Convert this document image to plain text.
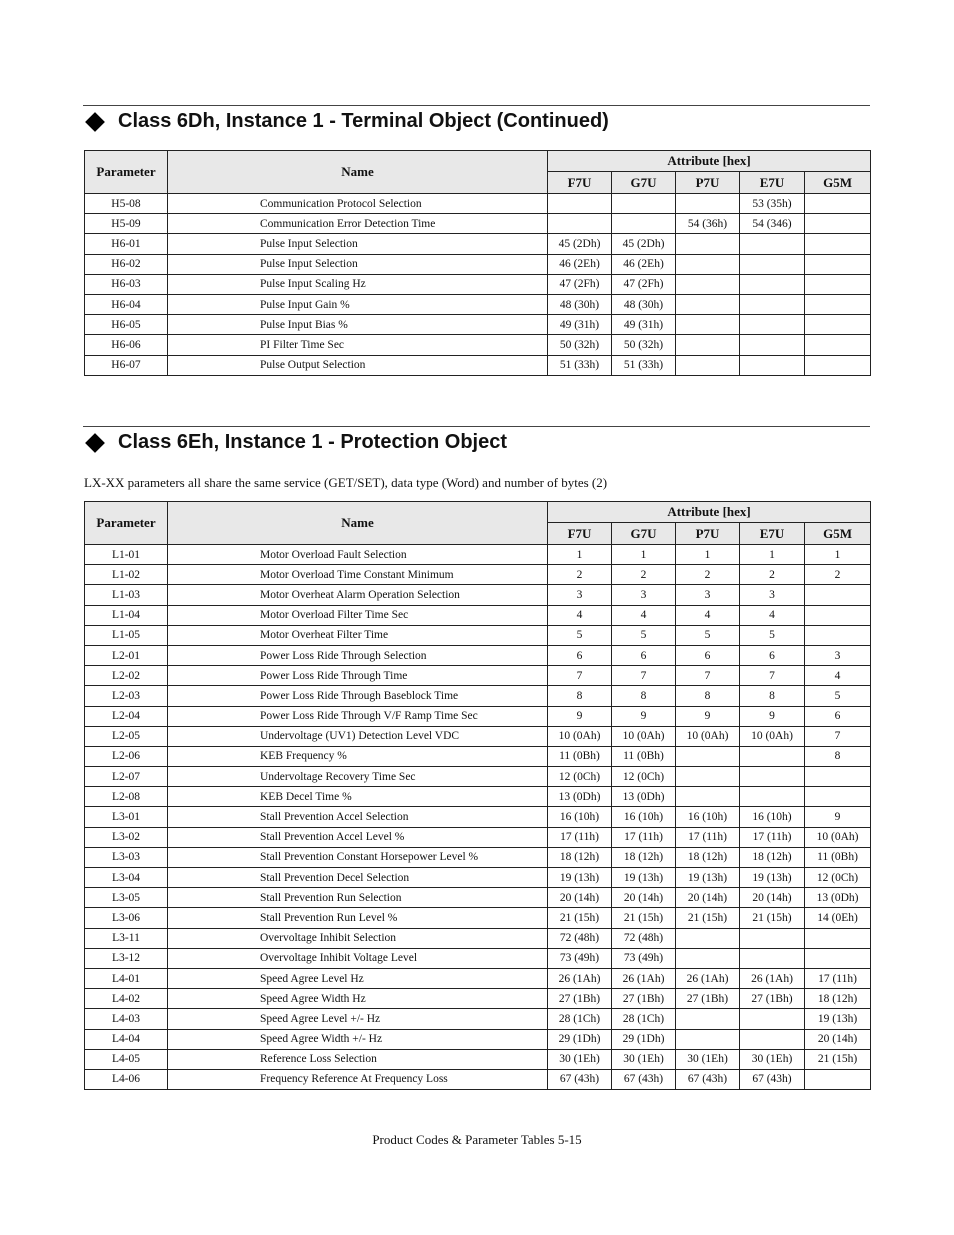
Class 6Dh, Instance 1 - Terminal Object (Continued)
Parameter	Name	Attribute [hex]				
		F7U	G7U	P7U	E7U	G5M
H5-08	Communication Protocol Selection				53 (35h)	
H5-09	Communication Error Detection Time			54 (36h)	54 (346)	
H6-01	Pulse Input Selection	45 (2Dh)	45 (2Dh)			
H6-02	Pulse Input Selection	46 (2Eh)	46 (2Eh)			
H6-03	Pulse Input Scaling Hz	47 (2Fh)	47 (2Fh)			
H6-04	Pulse Input Gain %	48 (30h)	48 (30h)			
H6-05	Pulse Input Bias %	49 (31h)	49 (31h)			
H6-06	PI Filter Time Sec	50 (32h)	50 (32h)			
H6-07	Pulse Output Selection	51 (33h)	51 (33h)			
Class 6Eh, Instance 1 - Protection Object
LX-XX parameters all share the same service (GET/SET), data type (Word) and number of bytes (2)
Parameter	Name	Attribute [hex]				
		F7U	G7U	P7U	E7U	G5M
L1-01	Motor Overload Fault Selection	1	1	1	1	1
L1-02	Motor Overload Time Constant Minimum	2	2	2	2	2
L1-03	Motor Overheat Alarm Operation Selection	3	3	3	3	
L1-04	Motor Overload Filter Time Sec	4	4	4	4	
L1-05	Motor Overheat Filter Time	5	5	5	5	
L2-01	Power Loss Ride Through Selection	6	6	6	6	3
L2-02	Power Loss Ride Through Time	7	7	7	7	4
L2-03	Power Loss Ride Through Baseblock Time	8	8	8	8	5
L2-04	Power Loss Ride Through V/F Ramp Time Sec	9	9	9	9	6
L2-05	Undervoltage (UV1) Detection Level VDC	10 (0Ah)	10 (0Ah)	10 (0Ah)	10 (0Ah)	7
L2-06	KEB Frequency %	11 (0Bh)	11 (0Bh)			8
L2-07	Undervoltage Recovery Time Sec	12 (0Ch)	12 (0Ch)			
L2-08	KEB Decel Time %	13 (0Dh)	13 (0Dh)			
L3-01	Stall Prevention Accel Selection	16 (10h)	16 (10h)	16 (10h)	16 (10h)	9
L3-02	Stall Prevention Accel Level %	17 (11h)	17 (11h)	17 (11h)	17 (11h)	10 (0Ah)
L3-03	Stall Prevention Constant Horsepower Level %	18 (12h)	18 (12h)	18 (12h)	18 (12h)	11 (0Bh)
L3-04	Stall Prevention Decel Selection	19 (13h)	19 (13h)	19 (13h)	19 (13h)	12 (0Ch)
L3-05	Stall Prevention Run Selection	20 (14h)	20 (14h)	20 (14h)	20 (14h)	13 (0Dh)
L3-06	Stall Prevention Run Level %	21 (15h)	21 (15h)	21 (15h)	21 (15h)	14 (0Eh)
L3-11	Overvoltage Inhibit Selection	72 (48h)	72 (48h)			
L3-12	Overvoltage Inhibit Voltage Level	73 (49h)	73 (49h)			
L4-01	Speed Agree Level Hz	26 (1Ah)	26 (1Ah)	26 (1Ah)	26 (1Ah)	17 (11h)
L4-02	Speed Agree Width Hz	27 (1Bh)	27 (1Bh)	27 (1Bh)	27 (1Bh)	18 (12h)
L4-03	Speed Agree Level +/- Hz	28 (1Ch)	28 (1Ch)			19 (13h)
L4-04	Speed Agree Width +/- Hz	29 (1Dh)	29 (1Dh)			20 (14h)
L4-05	Reference Loss Selection	30 (1Eh)	30 (1Eh)	30 (1Eh)	30 (1Eh)	21 (15h)
L4-06	Frequency Reference At Frequency Loss	67 (43h)	67 (43h)	67 (43h)	67 (43h)	
Product Codes & Parameter Tables 5-15
